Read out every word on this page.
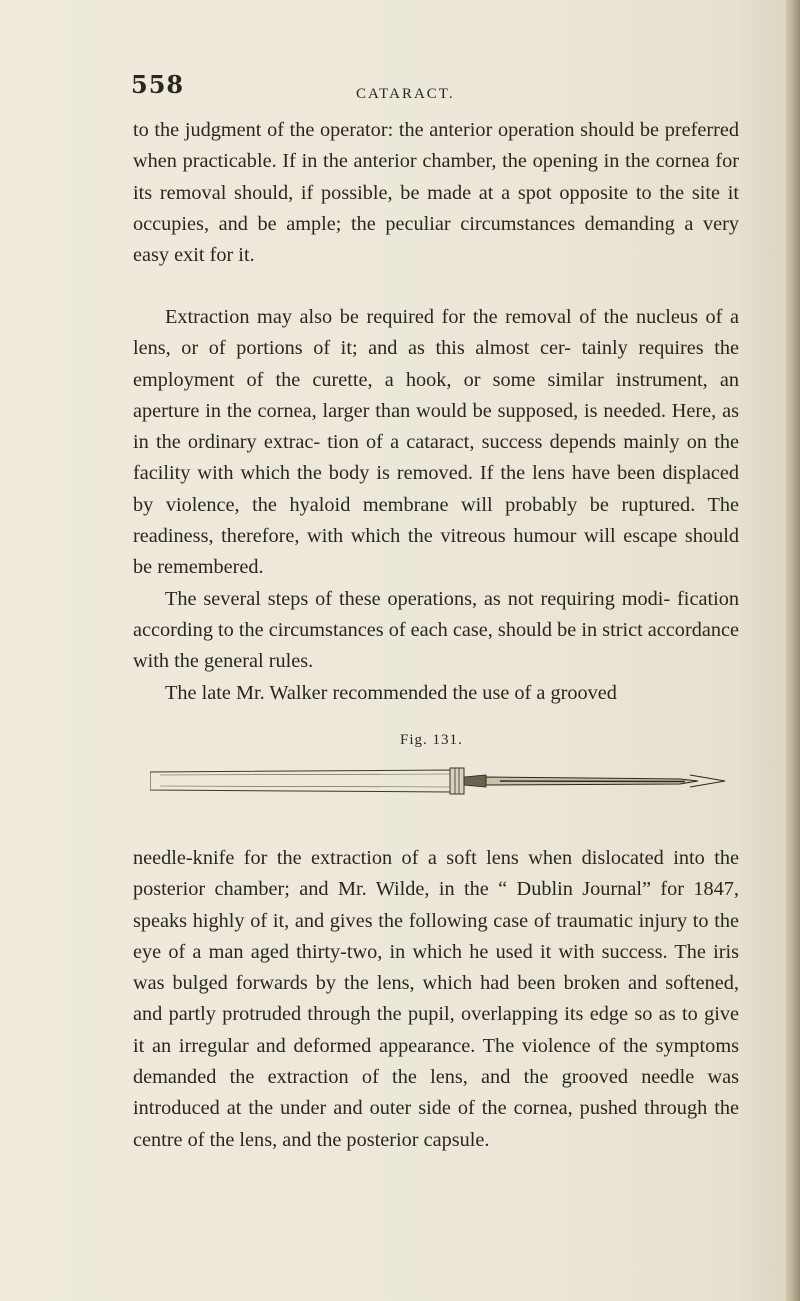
558	CATARACT.

to the judgment of the operator: the anterior operation should be preferred when practicable. If in the anterior chamber, the opening in the cornea for its removal should, if possible, be made at a spot opposite to the site it occupies, and be ample; the peculiar circumstances demanding a very easy exit for it.

Extraction may also be required for the removal of the nucleus of a lens, or of portions of it; and as this almost cer- tainly requires the employment of the curette, a hook, or some similar instrument, an aperture in the cornea, larger than would be supposed, is needed. Here, as in the ordinary extrac- tion of a cataract, success depends mainly on the facility with which the body is removed. If the lens have been displaced by violence, the hyaloid membrane will probably be ruptured. The readiness, therefore, with which the vitreous humour will escape should be remembered.

The several steps of these operations, as not requiring modi- fication according to the circumstances of each case, should be in strict accordance with the general rules.

The late Mr. Walker recommended the use of a grooved

Fig. 131.

needle-knife for the extraction of a soft lens when dislocated into the posterior chamber; and Mr. Wilde, in the “ Dublin Journal” for 1847, speaks highly of it, and gives the following case of traumatic injury to the eye of a man aged thirty-two, in which he used it with success. The iris was bulged forwards by the lens, which had been broken and softened, and partly protruded through the pupil, overlapping its edge so as to give it an irregular and deformed appearance. The violence of the symptoms demanded the extraction of the lens, and the grooved needle was introduced at the under and outer side of the cornea, pushed through the centre of the lens, and the posterior capsule.
